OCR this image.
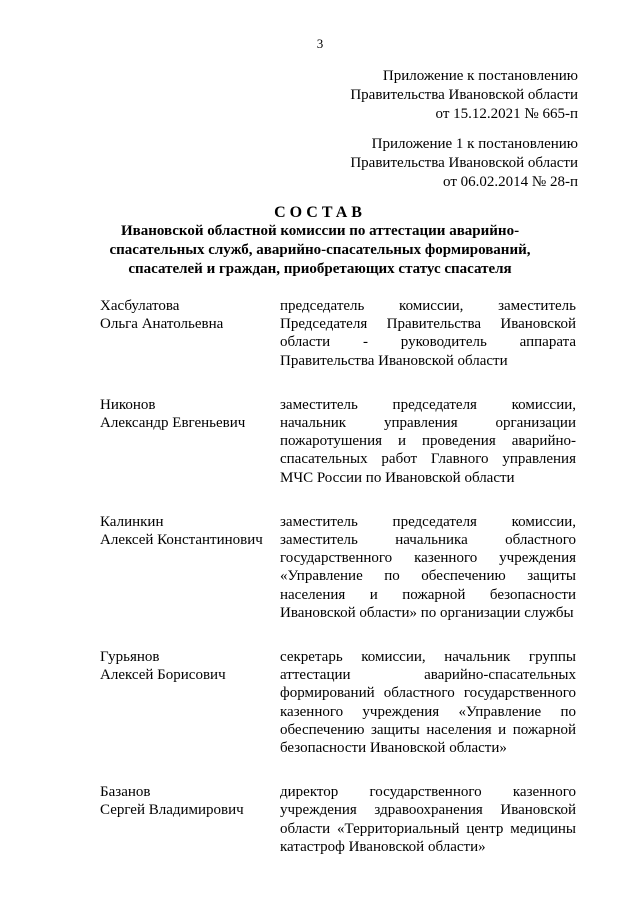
3
Приложение к постановлению
Правительства Ивановской области
от 15.12.2021 № 665-п
Приложение 1 к постановлению
Правительства Ивановской области
от 06.02.2014 № 28-п
СОСТАВ
Ивановской областной комиссии по аттестации аварийно-
спасательных служб, аварийно-спасательных формирований,
спасателей и граждан, приобретающих статус спасателя
Хасбулатова
Ольга Анатольевна
председатель комиссии, заместитель Председателя Правительства Ивановской области - руководитель аппарата Правительства Ивановской области
Никонов
Александр Евгеньевич
заместитель председателя комиссии, начальник управления организации пожаротушения и проведения аварийно-спасательных работ Главного управления МЧС России по Ивановской области
Калинкин
Алексей Константинович
заместитель председателя комиссии, заместитель начальника областного государственного казенного учреждения «Управление по обеспечению защиты населения и пожарной безопасности Ивановской области» по организации службы
Гурьянов
Алексей Борисович
секретарь комиссии, начальник группы аттестации аварийно-спасательных формирований областного государственного казенного учреждения «Управление по обеспечению защиты населения и пожарной безопасности Ивановской области»
Базанов
Сергей Владимирович
директор государственного казенного учреждения здравоохранения Ивановской области «Территориальный центр медицины катастроф Ивановской области»
